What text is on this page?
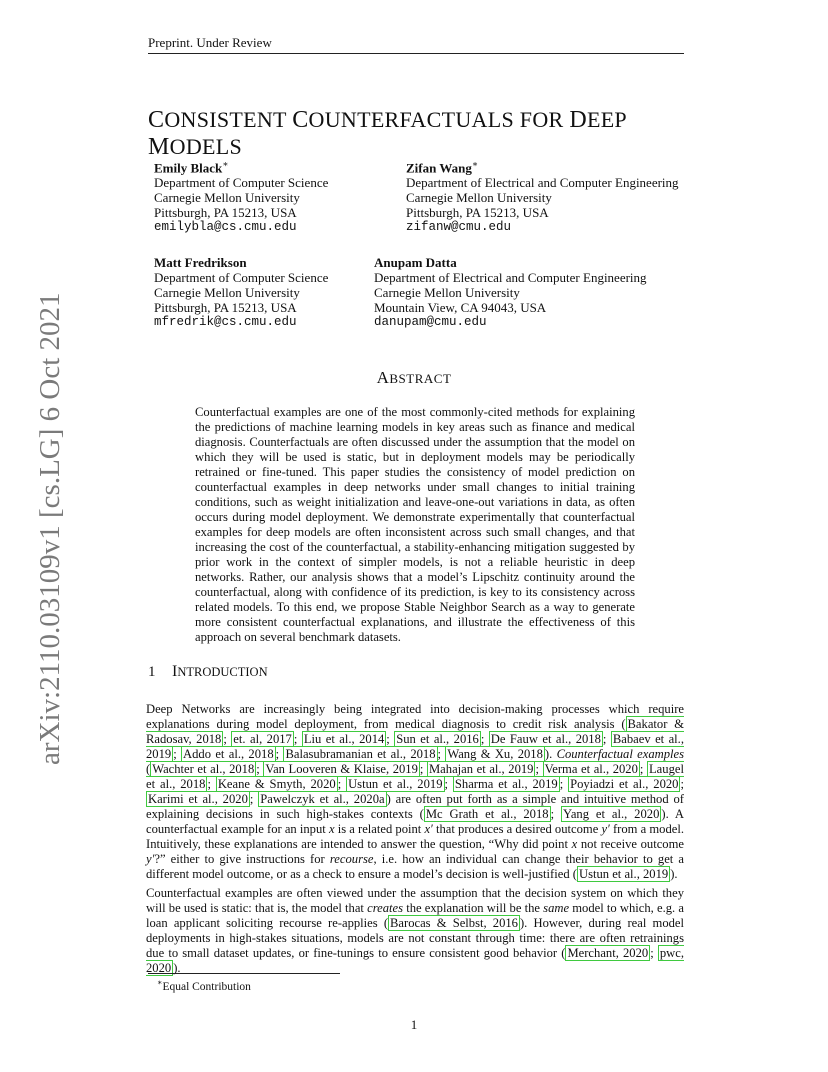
Preprint. Under Review
CONSISTENT COUNTERFACTUALS FOR DEEP MODELS
Emily Black∗
Department of Computer Science
Carnegie Mellon University
Pittsburgh, PA 15213, USA
emilybla@cs.cmu.edu
Zifan Wang∗
Department of Electrical and Computer Engineering
Carnegie Mellon University
Pittsburgh, PA 15213, USA
zifanw@cmu.edu
Matt Fredrikson
Department of Computer Science
Carnegie Mellon University
Pittsburgh, PA 15213, USA
mfredrik@cs.cmu.edu
Anupam Datta
Department of Electrical and Computer Engineering
Carnegie Mellon University
Mountain View, CA 94043, USA
danupam@cmu.edu
ABSTRACT
Counterfactual examples are one of the most commonly-cited methods for explaining the predictions of machine learning models in key areas such as finance and medical diagnosis. Counterfactuals are often discussed under the assumption that the model on which they will be used is static, but in deployment models may be periodically retrained or fine-tuned. This paper studies the consistency of model prediction on counterfactual examples in deep networks under small changes to initial training conditions, such as weight initialization and leave-one-out variations in data, as often occurs during model deployment. We demonstrate experimentally that counterfactual examples for deep models are often inconsistent across such small changes, and that increasing the cost of the counterfactual, a stability-enhancing mitigation suggested by prior work in the context of simpler models, is not a reliable heuristic in deep networks. Rather, our analysis shows that a model’s Lipschitz continuity around the counterfactual, along with confidence of its prediction, is key to its consistency across related models. To this end, we propose Stable Neighbor Search as a way to generate more consistent counterfactual explanations, and illustrate the effectiveness of this approach on several benchmark datasets.
1 INTRODUCTION
Deep Networks are increasingly being integrated into decision-making processes which require explanations during model deployment, from medical diagnosis to credit risk analysis ( Bakator & Radosav, 2018 ; et. al, 2017 ; Liu et al., 2014 ; Sun et al., 2016 ; De Fauw et al., 2018 ; Babaev et al., 2019 ; Addo et al., 2018 ; Balasubramanian et al., 2018 ; Wang & Xu, 2018 ). Counterfactual examples ( Wachter et al., 2018 ; Van Looveren & Klaise, 2019 ; Mahajan et al., 2019 ; Verma et al., 2020 ; Laugel et al., 2018 ; Keane & Smyth, 2020 ; Ustun et al., 2019 ; Sharma et al., 2019 ; Poyiadzi et al., 2020 ; Karimi et al., 2020 ; Pawelczyk et al., 2020a ) are often put forth as a simple and intuitive method of explaining decisions in such high-stakes contexts ( Mc Grath et al., 2018 ; Yang et al., 2020 ). A counterfactual example for an input x is a related point x′ that produces a desired outcome y′ from a model. Intuitively, these explanations are intended to answer the question, “Why did point x not receive outcome y′?” either to give instructions for recourse, i.e. how an individual can change their behavior to get a different model outcome, or as a check to ensure a model’s decision is well-justified ( Ustun et al., 2019 ).
Counterfactual examples are often viewed under the assumption that the decision system on which they will be used is static: that is, the model that creates the explanation will be the same model to which, e.g. a loan applicant soliciting recourse re-applies ( Barocas & Selbst, 2016 ). However, during real model deployments in high-stakes situations, models are not constant through time: there are often retrainings due to small dataset updates, or fine-tunings to ensure consistent good behavior ( Merchant, 2020 ; pwc, 2020 ).
∗Equal Contribution
1
arXiv:2110.03109v1 [cs.LG] 6 Oct 2021
